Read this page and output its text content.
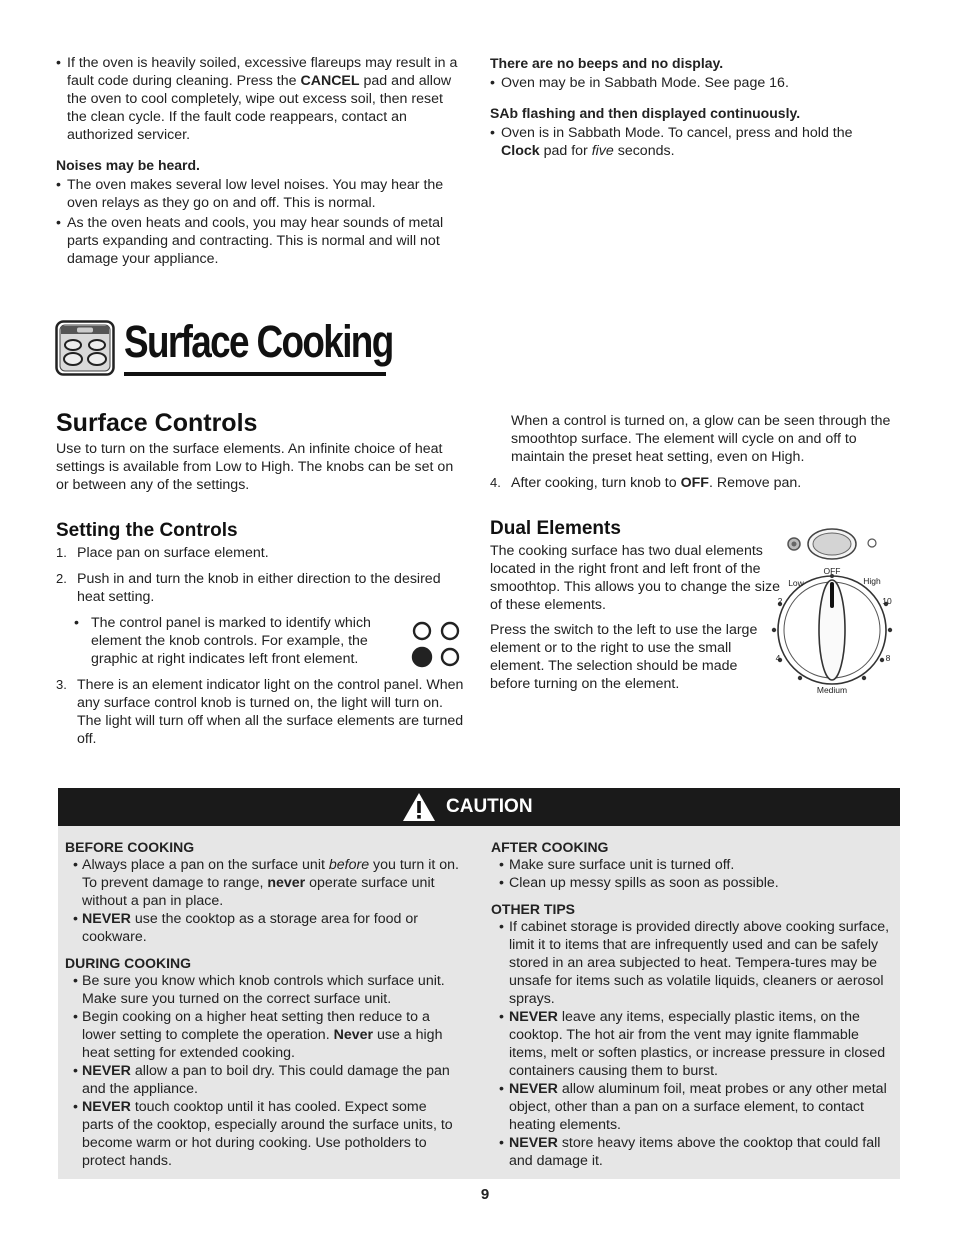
• If the oven is heavily soiled, excessive flareups may result in a fault code during cleaning. Press the CANCEL pad and allow the oven to cool completely, wipe out excess soil, then reset the clean cycle. If the fault code reappears, contact an authorized servicer.
Noises may be heard.
• The oven makes several low level noises. You may hear the oven relays as they go on and off. This is normal.
• As the oven heats and cools, you may hear sounds of metal parts expanding and contracting. This is normal and will not damage your appliance.
There are no beeps and no display.
• Oven may be in Sabbath Mode. See page 16.
SAb flashing and then displayed continuously.
• Oven is in Sabbath Mode. To cancel, press and hold the Clock pad for five seconds.
Surface Cooking
Surface Controls
Use to turn on the surface elements. An infinite choice of heat settings is available from Low to High. The knobs can be set on or between any of the settings.
Setting the Controls
1. Place pan on surface element.
2. Push in and turn the knob in either direction to the desired heat setting.
• The control panel is marked to identify which element the knob controls. For example, the graphic at right indicates left front element.
3. There is an element indicator light on the control panel. When any surface control knob is turned on, the light will turn on. The light will turn off when all the surface elements are turned off.
When a control is turned on, a glow can be seen through the smoothtop surface. The element will cycle on and off to maintain the preset heat setting, even on High.
4. After cooking, turn knob to OFF. Remove pan.
Dual Elements
The cooking surface has two dual elements located in the right front and left front of the smoothtop. This allows you to change the size of these elements.
Press the switch to the left to use the large element or to the right to use the small element. The selection should be made before turning on the element.
OFF
Low	High
10
2
4	8
Medium
CAUTION
BEFORE COOKING
• Always place a pan on the surface unit before you turn it on. To prevent damage to range, never operate surface unit without a pan in place.
• NEVER use the cooktop as a storage area for food or cookware.
DURING COOKING
• Be sure you know which knob controls which surface unit. Make sure you turned on the correct surface unit.
• Begin cooking on a higher heat setting then reduce to a lower setting to complete the operation. Never use a high heat setting for extended cooking.
• NEVER allow a pan to boil dry. This could damage the pan and the appliance.
• NEVER touch cooktop until it has cooled. Expect some parts of the cooktop, especially around the surface units, to become warm or hot during cooking. Use potholders to protect hands.
AFTER COOKING
• Make sure surface unit is turned off.
• Clean up messy spills as soon as possible.
OTHER TIPS
• If cabinet storage is provided directly above cooking surface, limit it to items that are infrequently used and can be safely stored in an area subjected to heat. Tempera-tures may be unsafe for items such as volatile liquids, cleaners or aerosol sprays.
• NEVER leave any items, especially plastic items, on the cooktop. The hot air from the vent may ignite flammable items, melt or soften plastics, or increase pressure in closed containers causing them to burst.
• NEVER allow aluminum foil, meat probes or any other metal object, other than a pan on a surface element, to contact heating elements.
• NEVER store heavy items above the cooktop that could fall and damage it.
9
